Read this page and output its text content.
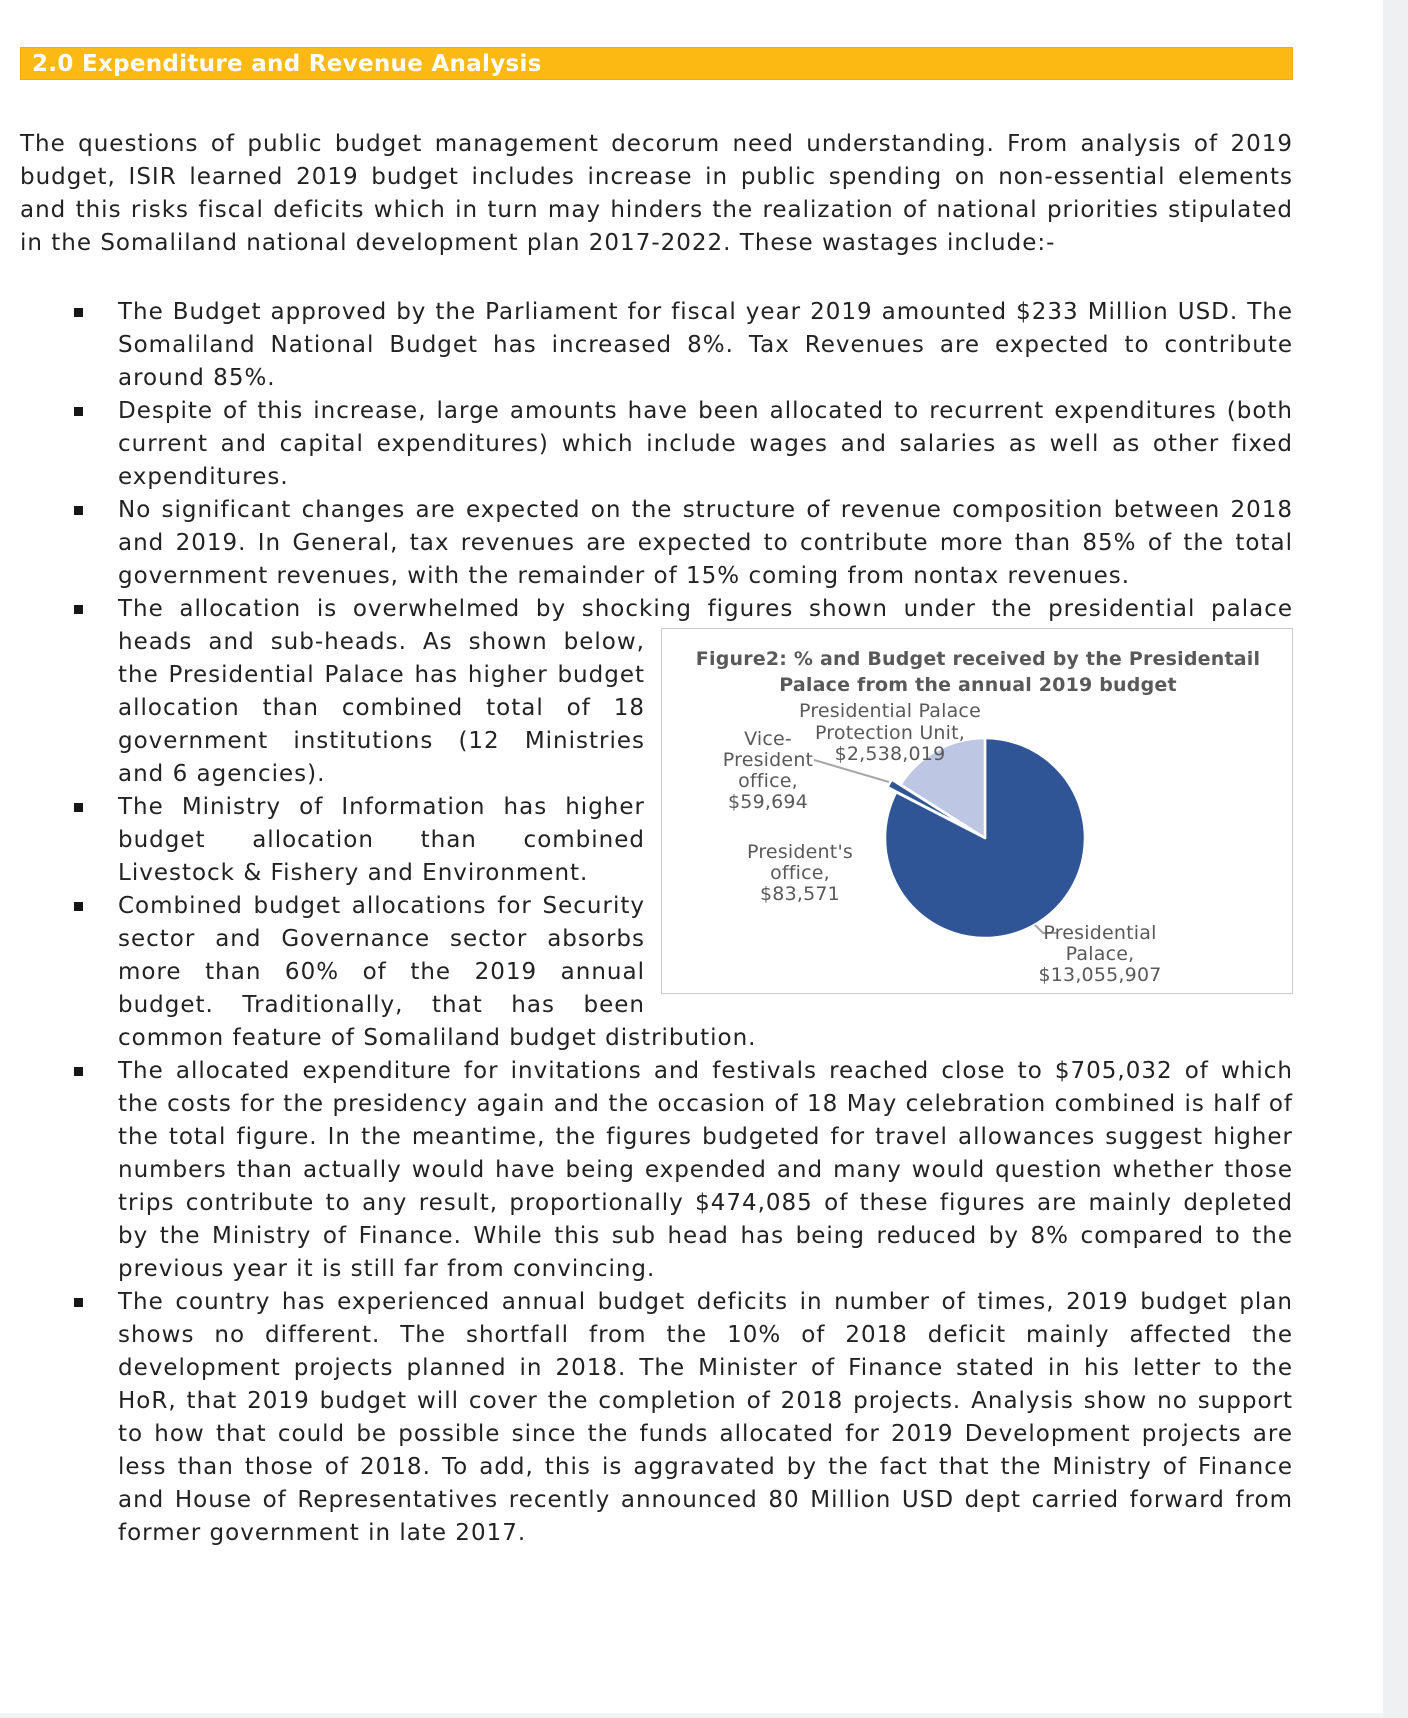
2.0 Expenditure and Revenue Analysis

The questions of public budget management decorum need understanding. From analysis of 2019 budget, ISIR learned 2019 budget includes increase in public spending on non-essential elements and this risks fiscal deficits which in turn may hinders the realization of national priorities stipulated in the Somaliland national development plan 2017-2022. These wastages include:-

The Budget approved by the Parliament for fiscal year 2019 amounted $233 Million USD. The Somaliland National Budget has increased 8%. Tax Revenues are expected to contribute around 85%.
Despite of this increase, large amounts have been allocated to recurrent expenditures (both current and capital expenditures) which include wages and salaries as well as other fixed expenditures.
No significant changes are expected on the structure of revenue composition between 2018 and 2019. In General, tax revenues are expected to contribute more than 85% of the total government revenues, with the remainder of 15% coming from nontax revenues.
The allocation is overwhelmed by shocking figures shown under the presidential palace heads and sub-heads. As shown below,
Figure2: % and Budget received by the Presidentail
Palace from the annual 2019 budget
Presidential Palace
Protection Unit,
$2,538,019
Vice-
President
office,
$59,694
President's
office,
$83,571
Presidential
Palace,
$13,055,907
the Presidential Palace has higher budget allocation than combined total of 18 government institutions (12 Ministries and 6 agencies).
The Ministry of Information has higher budget allocation than combined Livestock & Fishery and Environment.
Combined budget allocations for Security sector and Governance sector absorbs more than 60% of the 2019 annual budget. Traditionally, that has been common feature of Somaliland budget distribution.
The allocated expenditure for invitations and festivals reached close to $705,032 of which the costs for the presidency again and the occasion of 18 May celebration combined is half of the total figure. In the meantime, the figures budgeted for travel allowances suggest higher numbers than actually would have being expended and many would question whether those trips contribute to any result, proportionally $474,085 of these figures are mainly depleted by the Ministry of Finance. While this sub head has being reduced by 8% compared to the previous year it is still far from convincing.
The country has experienced annual budget deficits in number of times, 2019 budget plan shows no different. The shortfall from the 10% of 2018 deficit mainly affected the development projects planned in 2018. The Minister of Finance stated in his letter to the HoR, that 2019 budget will cover the completion of 2018 projects. Analysis show no support to how that could be possible since the funds allocated for 2019 Development projects are less than those of 2018. To add, this is aggravated by the fact that the Ministry of Finance and House of Representatives recently announced 80 Million USD dept carried forward from former government in late 2017.
